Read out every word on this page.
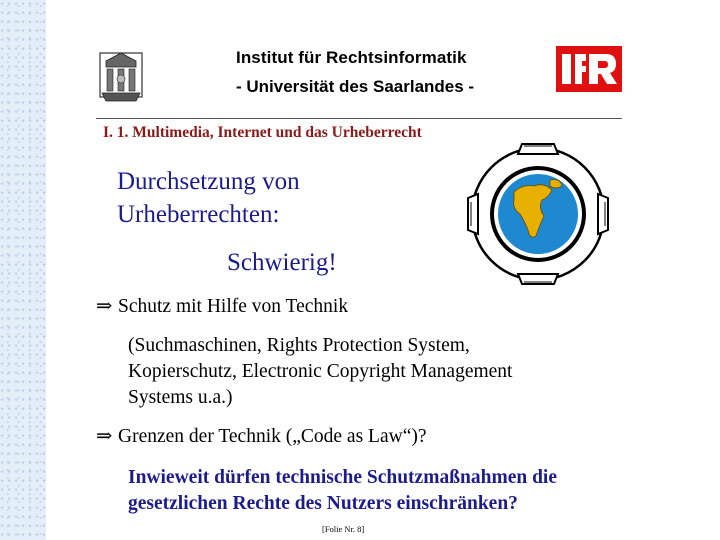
Institut für Rechtsinformatik
- Universität des Saarlandes -
I. 1. Multimedia, Internet und das Urheberrecht
Durchsetzung von
Urheberrechten:
Schwierig!
⇒ Schutz mit Hilfe von Technik
(Suchmaschinen, Rights Protection System,
Kopierschutz, Electronic Copyright Management
Systems u.a.)
⇒ Grenzen der Technik („Code as Law“)?
Inwieweit dürfen technische Schutzmaßnahmen die
gesetzlichen Rechte des Nutzers einschränken?
[Folie Nr. 8]
